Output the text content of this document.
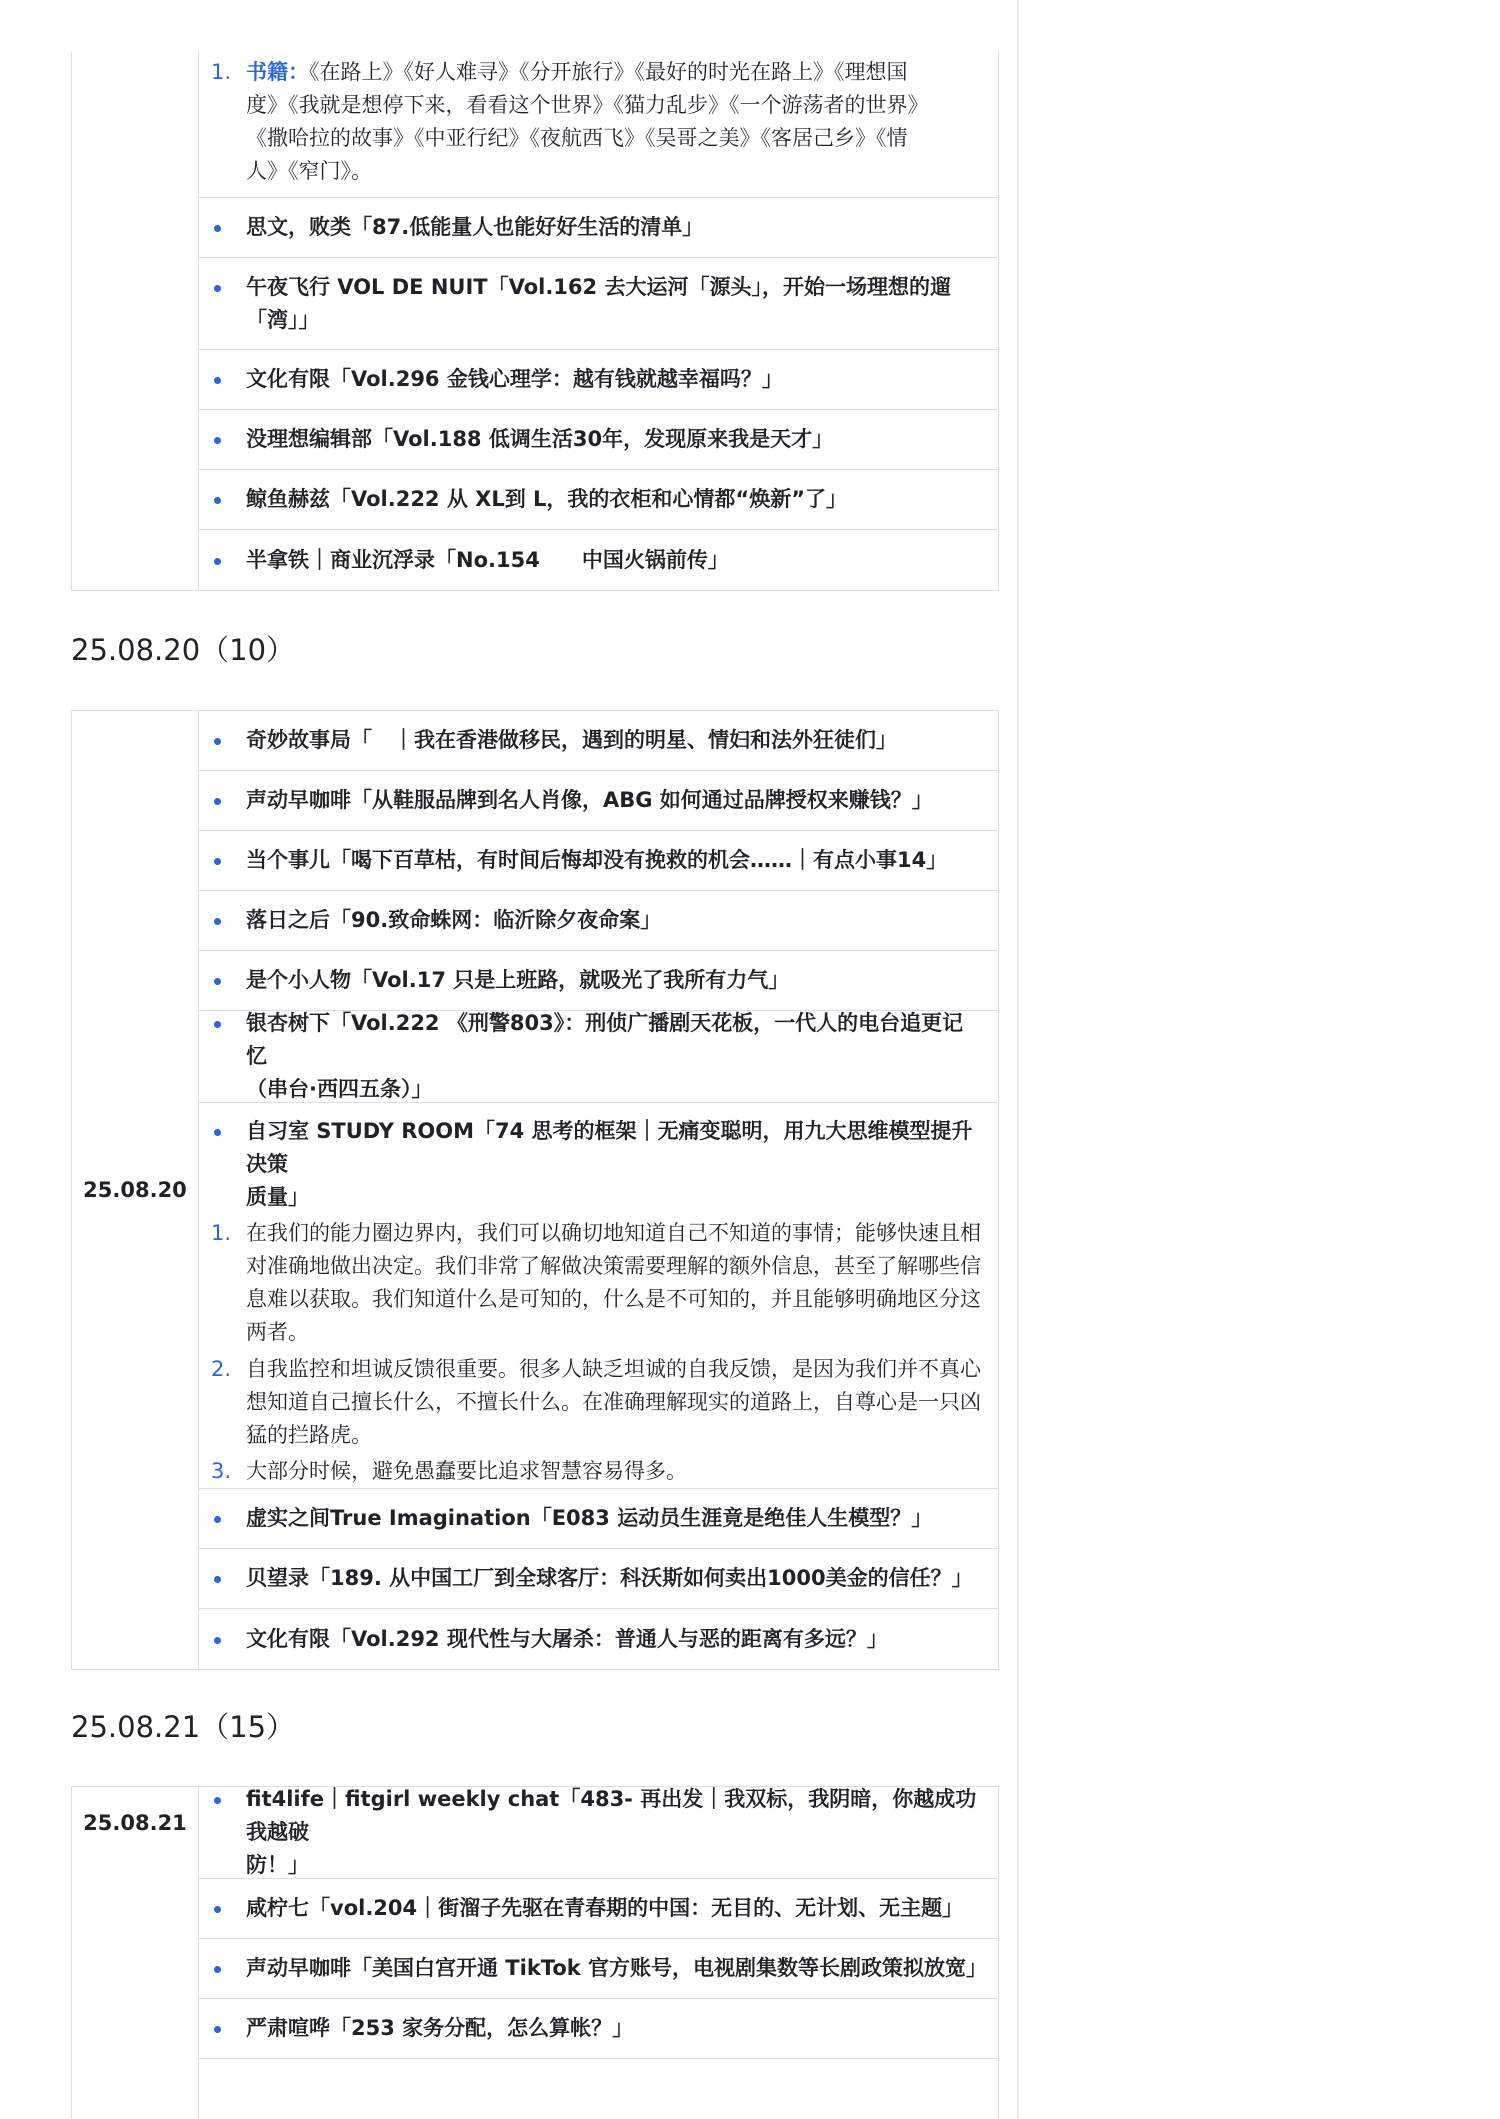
1. 书籍：《在路上》《好人难寻》《分开旅行》《最好的时光在路上》《理想国
度》《我就是想停下来，看看这个世界》《猫力乱步》《一个游荡者的世界》
《撒哈拉的故事》《中亚行纪》《夜航西飞》《吴哥之美》《客居己乡》《情
人》《窄门》。
思文，败类「87.低能量人也能好好生活的清单」
午夜飞行 VOL DE NUIT「Vol.162 去大运河「源头」，开始一场理想的遛
「湾」」
文化有限「Vol.296 金钱心理学：越有钱就越幸福吗？」
没理想编辑部「Vol.188 低调生活30年，发现原来我是天才」
鲸鱼赫兹「Vol.222 从 XL到 L，我的衣柜和心情都“焕新”了」
半拿铁｜商业沉浮录「No.154　　中国火锅前传」
25.08.20（10）
25.08.20
奇妙故事局「　｜我在香港做移民，遇到的明星、情妇和法外狂徒们」
声动早咖啡「从鞋服品牌到名人肖像，ABG 如何通过品牌授权来赚钱？」
当个事儿「喝下百草枯，有时间后悔却没有挽救的机会……｜有点小事14」
落日之后「90.致命蛛网：临沂除夕夜命案」
是个小人物「Vol.17 只是上班路，就吸光了我所有力气」
银杏树下「Vol.222 《刑警803》：刑侦广播剧天花板，一代人的电台追更记忆
（串台·西四五条）」
自习室 STUDY ROOM「74 思考的框架｜无痛变聪明，用九大思维模型提升决策
质量」
1. 在我们的能力圈边界内，我们可以确切地知道自己不知道的事情；能够快速且相
对准确地做出决定。我们非常了解做决策需要理解的额外信息，甚至了解哪些信
息难以获取。我们知道什么是可知的，什么是不可知的，并且能够明确地区分这
两者。
2. 自我监控和坦诚反馈很重要。很多人缺乏坦诚的自我反馈，是因为我们并不真心
想知道自己擅长什么，不擅长什么。在准确理解现实的道路上，自尊心是一只凶
猛的拦路虎。
3. 大部分时候，避免愚蠢要比追求智慧容易得多。
虚实之间True Imagination「E083 运动员生涯竟是绝佳人生模型？」
贝望录「189. 从中国工厂到全球客厅：科沃斯如何卖出1000美金的信任？」
文化有限「Vol.292 现代性与大屠杀：普通人与恶的距离有多远？」
25.08.21（15）
25.08.21
fit4life｜fitgirl weekly chat「483- 再出发｜我双标，我阴暗，你越成功我越破
防！」
咸柠七「vol.204｜街溜子先驱在青春期的中国：无目的、无计划、无主题」
声动早咖啡「美国白宫开通 TikTok 官方账号，电视剧集数等长剧政策拟放宽」
严肃喧哗「253 家务分配，怎么算帐？」
